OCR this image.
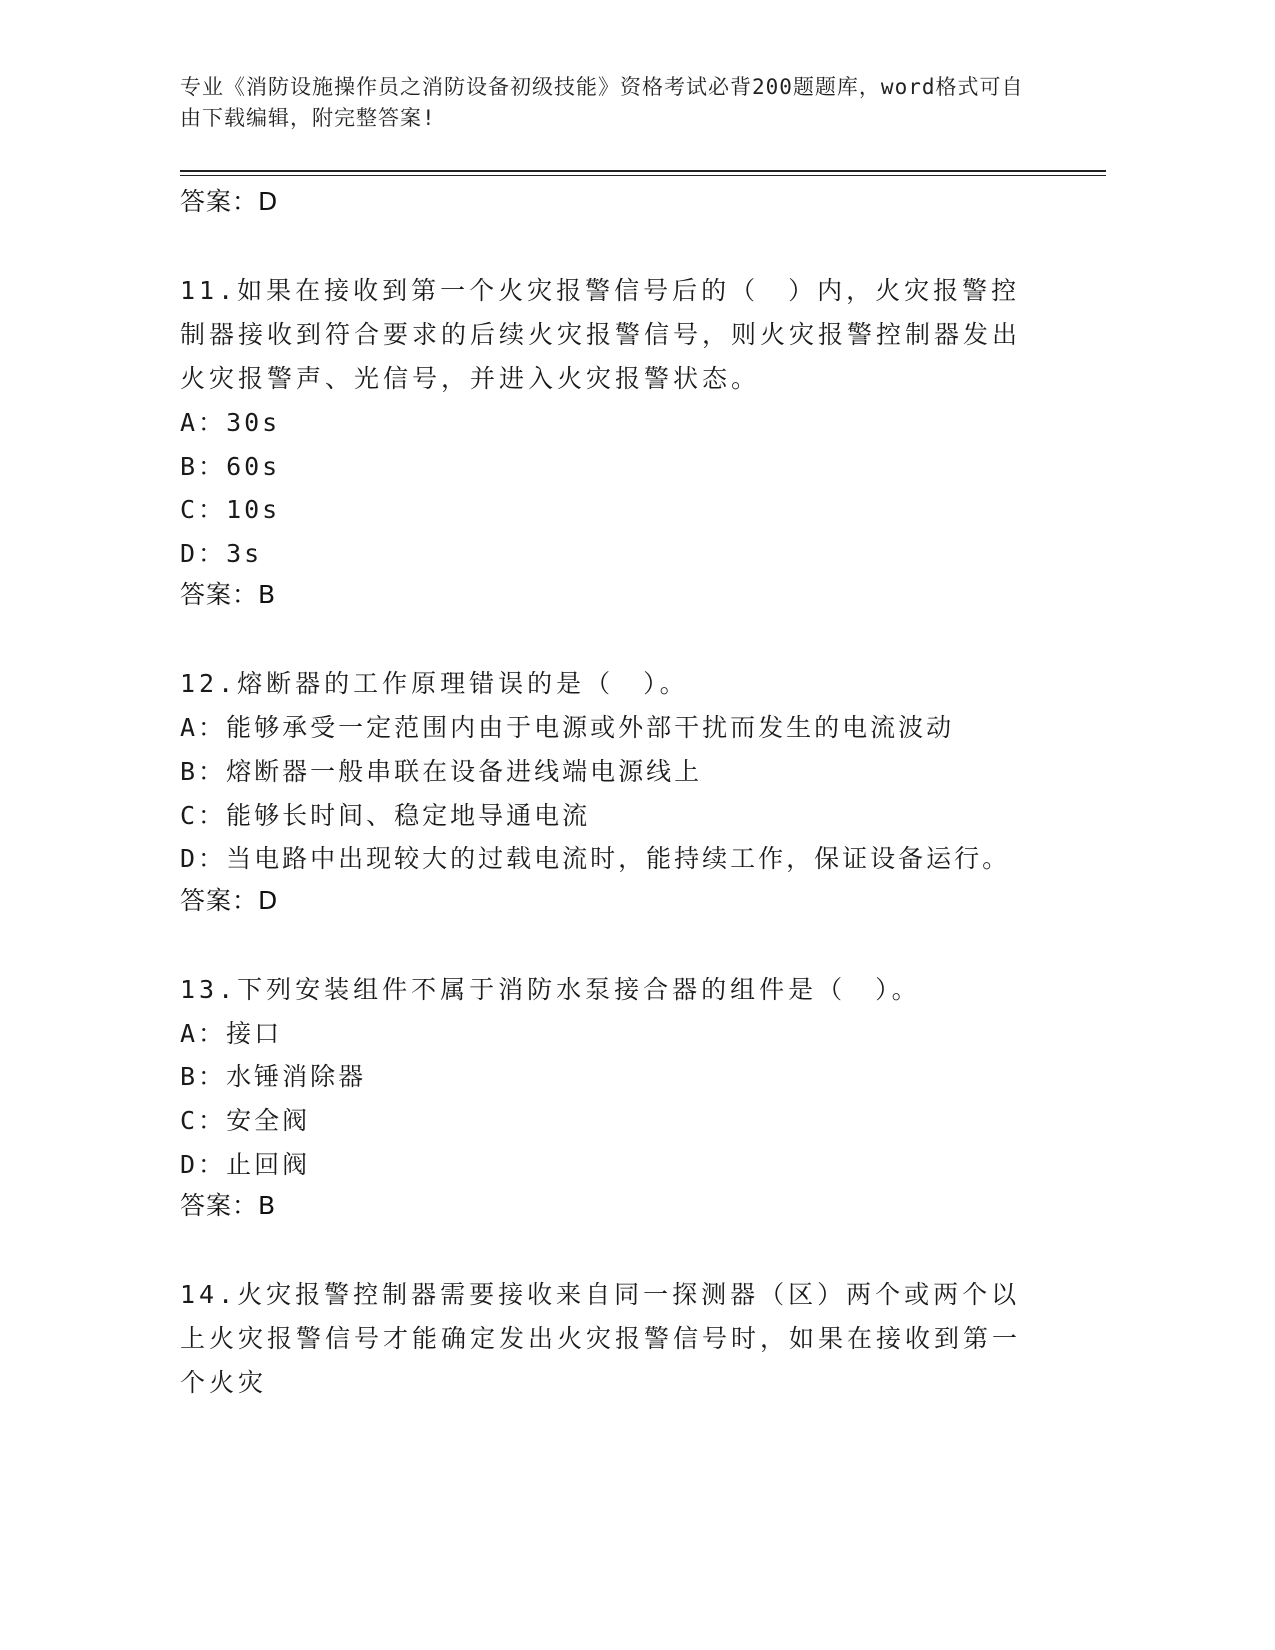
专业《消防设施操作员之消防设备初级技能》资格考试必背200题题库，word格式可自由下载编辑，附完整答案!
答案：D
11.如果在接收到第一个火灾报警信号后的（　）内，火灾报警控制器接收到符合要求的后续火灾报警信号，则火灾报警控制器发出火灾报警声、光信号，并进入火灾报警状态。
A：30s
B：60s
C：10s
D：3s
答案：B
12.熔断器的工作原理错误的是（　）。
A：能够承受一定范围内由于电源或外部干扰而发生的电流波动
B：熔断器一般串联在设备进线端电源线上
C：能够长时间、稳定地导通电流
D：当电路中出现较大的过载电流时，能持续工作，保证设备运行。
答案：D
13.下列安装组件不属于消防水泵接合器的组件是（　）。
A：接口
B：水锤消除器
C：安全阀
D：止回阀
答案：B
14.火灾报警控制器需要接收来自同一探测器（区）两个或两个以上火灾报警信号才能确定发出火灾报警信号时，如果在接收到第一个火灾
